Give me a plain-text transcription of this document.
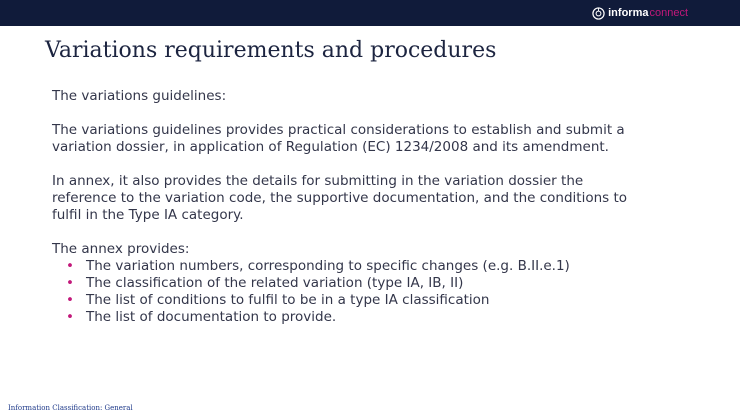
informa connect
Variations requirements and procedures

The variations guidelines:

The variations guidelines provides practical considerations to establish and submit a

variation dossier, in application of Regulation (EC) 1234/2008 and its amendment.

In annex, it also provides the details for submitting in the variation dossier the

reference to the variation code, the supportive documentation, and the conditions to

fulfil in the Type IA category.

The annex provides:

• The variation numbers, corresponding to specific changes (e.g. B.II.e.1)
• The classification of the related variation (type IA, IB, II)
• The list of conditions to fulfil to be in a type IA classification
• The list of documentation to provide.
Information Classification: General
